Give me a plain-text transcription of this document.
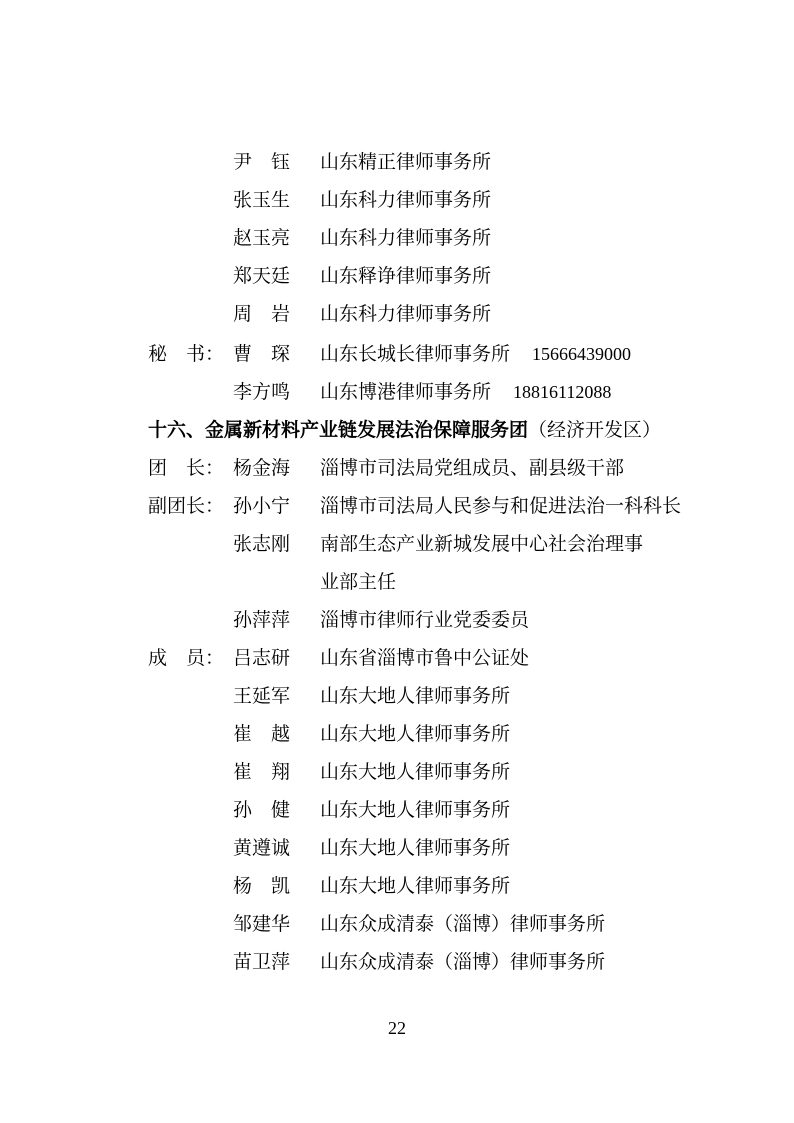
尹　钰 山东精正律师事务所
张玉生 山东科力律师事务所
赵玉亮 山东科力律师事务所
郑天廷 山东释诤律师事务所
周　岩 山东科力律师事务所
秘　书： 曹　琛 山东长城长律师事务所 15666439000
李方鸣 山东博港律师事务所 18816112088
十六、金属新材料产业链发展法治保障服务团（经济开发区）
团　长： 杨金海 淄博市司法局党组成员、副县级干部
副团长： 孙小宁 淄博市司法局人民参与和促进法治一科科长
张志刚 南部生态产业新城发展中心社会治理事
业部主任
孙萍萍 淄博市律师行业党委委员
成　员： 吕志研 山东省淄博市鲁中公证处
王延军 山东大地人律师事务所
崔　越 山东大地人律师事务所
崔　翔 山东大地人律师事务所
孙　健 山东大地人律师事务所
黄遵诚 山东大地人律师事务所
杨　凯 山东大地人律师事务所
邹建华 山东众成清泰（淄博）律师事务所
苗卫萍 山东众成清泰（淄博）律师事务所
22
